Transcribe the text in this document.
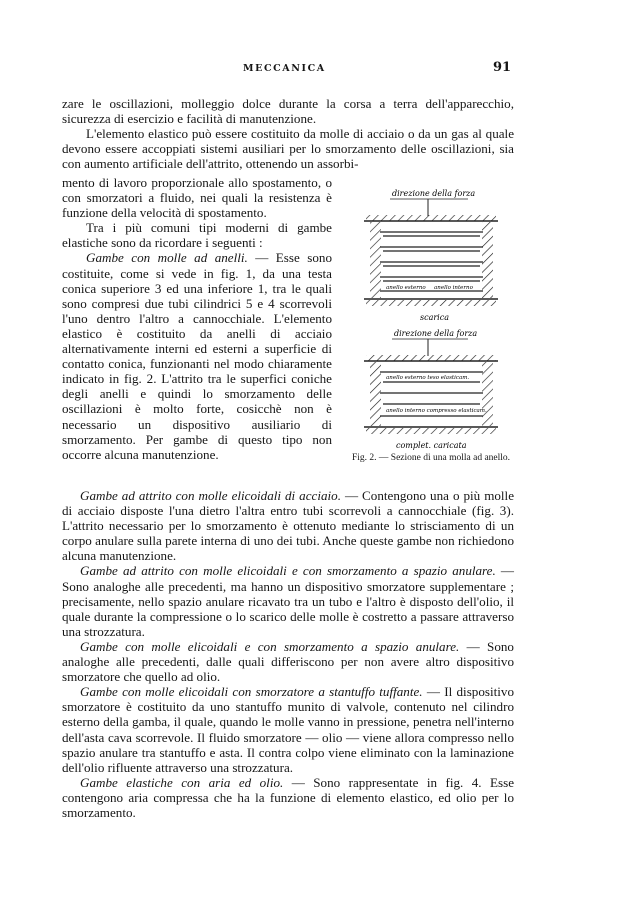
MECCANICA	91

zare le oscillazioni, molleggio dolce durante la corsa a terra dell'apparecchio, sicurezza di esercizio e facilità di manutenzione.

L'elemento elastico può essere costituito da molle di acciaio o da un gas al quale devono essere accoppiati sistemi ausiliari per lo smorzamento delle oscillazioni, sia con aumento artificiale dell'attrito, ottenendo un assorbi-

mento di lavoro proporzionale allo spostamento, o con smorzatori a fluido, nei quali la resistenza è funzione della velocità di spostamento.

Tra i più comuni tipi moderni di gambe elastiche sono da ricordare i seguenti :

Gambe con molle ad anelli. — Esse sono costituite, come si vede in fig. 1, da una testa conica superiore 3 ed una inferiore 1, tra le quali sono compresi due tubi cilindrici 5 e 4 scorrevoli l'uno dentro l'altro a cannocchiale. L'elemento elastico è costituito da anelli di acciaio alternativamente interni ed esterni a superficie di contatto conica, funzionanti nel modo chiaramente indicato in fig. 2. L'attrito tra le superfici coniche degli anelli e quindi lo smorzamento delle oscillazioni è molto forte, cosicchè non è necessario un dispositivo ausiliario di smorzamento. Per gambe di questo tipo non occorre alcuna manutenzione.

direzione della forza
anello esterno anello interno
scarica
direzione della forza
anello esterno teso elasticam.
anello interno compresso elasticam.
complet. caricata
Fig. 2. — Sezione di una molla ad anello.

Gambe ad attrito con molle elicoidali di acciaio. — Contengono una o più molle di acciaio disposte l'una dietro l'altra entro tubi scorrevoli a cannocchiale (fig. 3). L'attrito necessario per lo smorzamento è ottenuto mediante lo strisciamento di un corpo anulare sulla parete interna di uno dei tubi. Anche queste gambe non richiedono alcuna manutenzione.

Gambe ad attrito con molle elicoidali e con smorzamento a spazio anulare. — Sono analoghe alle precedenti, ma hanno un dispositivo smorzatore supplementare ; precisamente, nello spazio anulare ricavato tra un tubo e l'altro è disposto dell'olio, il quale durante la compressione o lo scarico delle molle è costretto a passare attraverso una strozzatura.

Gambe con molle elicoidali e con smorzamento a spazio anulare. — Sono analoghe alle precedenti, dalle quali differiscono per non avere altro dispositivo smorzatore che quello ad olio.

Gambe con molle elicoidali con smorzatore a stantuffo tuffante. — Il dispositivo smorzatore è costituito da uno stantuffo munito di valvole, contenuto nel cilindro esterno della gamba, il quale, quando le molle vanno in pressione, penetra nell'interno dell'asta cava scorrevole. Il fluido smorzatore — olio — viene allora compresso nello spazio anulare tra stantuffo e asta. Il contra colpo viene eliminato con la laminazione dell'olio rifluente attraverso una strozzatura.

Gambe elastiche con aria ed olio. — Sono rappresentate in fig. 4. Esse contengono aria compressa che ha la funzione di elemento elastico, ed olio per lo smorzamento.
